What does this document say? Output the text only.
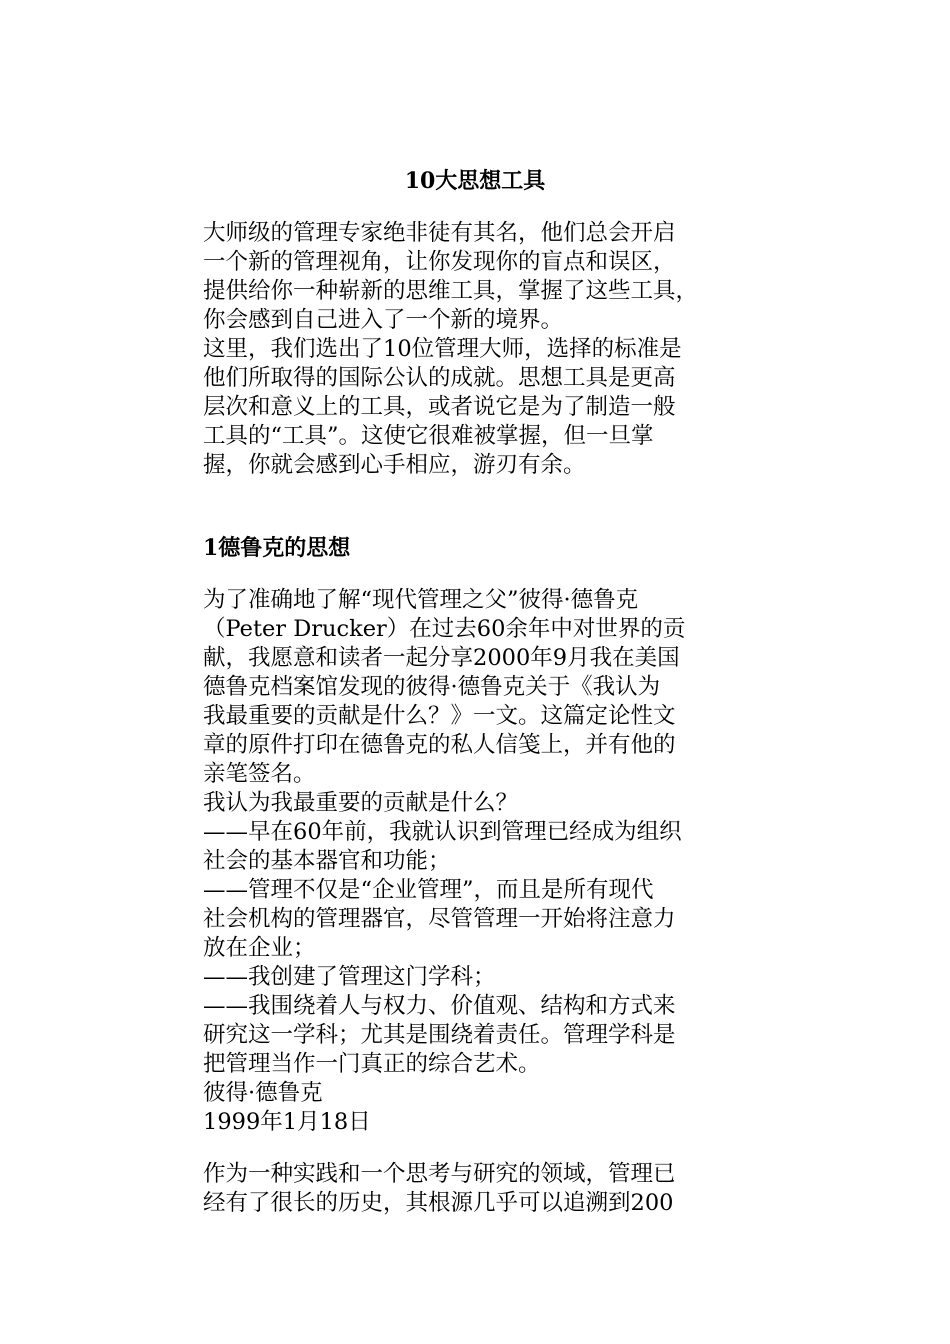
10大思想工具
大师级的管理专家绝非徒有其名，他们总会开启
一个新的管理视角，让你发现你的盲点和误区，
提供给你一种崭新的思维工具，掌握了这些工具，
你会感到自己进入了一个新的境界。
这里，我们选出了10位管理大师，选择的标准是
他们所取得的国际公认的成就。思想工具是更高
层次和意义上的工具，或者说它是为了制造一般
工具的“工具”。这使它很难被掌握，但一旦掌
握，你就会感到心手相应，游刃有余。
1德鲁克的思想
为了准确地了解“现代管理之父”彼得·德鲁克
（Peter Drucker）在过去60余年中对世界的贡
献，我愿意和读者一起分享2000年9月我在美国
德鲁克档案馆发现的彼得·德鲁克关于《我认为
我最重要的贡献是什么？》一文。这篇定论性文
章的原件打印在德鲁克的私人信笺上，并有他的
亲笔签名。
我认为我最重要的贡献是什么？
——早在60年前，我就认识到管理已经成为组织
社会的基本器官和功能；
——管理不仅是“企业管理”，而且是所有现代
社会机构的管理器官，尽管管理一开始将注意力
放在企业；
——我创建了管理这门学科；
——我围绕着人与权力、价值观、结构和方式来
研究这一学科；尤其是围绕着责任。管理学科是
把管理当作一门真正的综合艺术。
彼得·德鲁克
1999年1月18日
作为一种实践和一个思考与研究的领域，管理已
经有了很长的历史，其根源几乎可以追溯到200
